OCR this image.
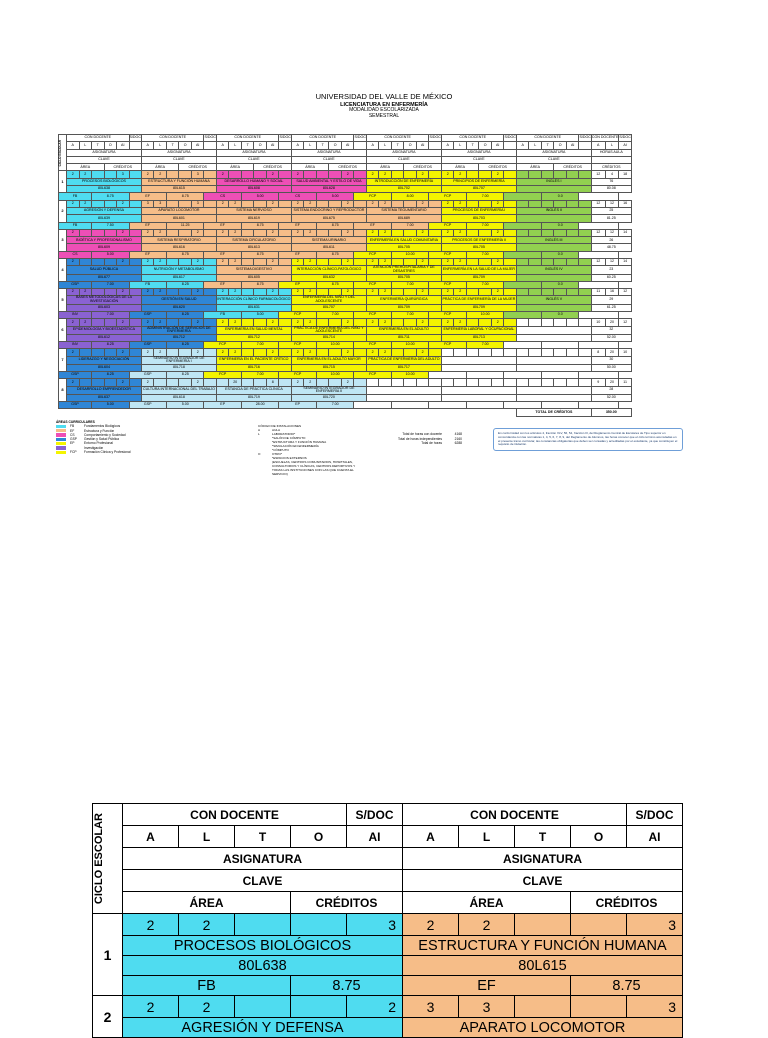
UNIVERSIDAD DEL VALLE DE MÉXICO
LICENCIATURA EN ENFERMERÍA
MODALIDAD ESCOLARIZADA
SEMESTRAL
CICLO ESCOLAR	CON DOCENTE					S/DOC	CON DOCENTE					S/DOC	CON DOCENTE					S/DOC	CON DOCENTE					S/DOC	CON DOCENTE					S/DOC	CON DOCENTE					S/DOC	CON DOCENTE					S/DOC	CON DOCENTE		S/DOC
	A	L	T	O	AI		A	L	T	O	AI		A	L	T	O	AI		A	L	T	O	AI		A	L	T	O	AI		A	L	T	O	AI		A	L	T	O	AI		A	L	AI
	ASIGNATURA						ASIGNATURA						ASIGNATURA						ASIGNATURA						ASIGNATURA						ASIGNATURA						ASIGNATURA						HORAS AULA		
	CLAVE						CLAVE						CLAVE						CLAVE						CLAVE						CLAVE						CLAVE								
	ÁREA			CRÉDITOS			ÁREA			CRÉDITOS			ÁREA			CRÉDITOS			ÁREA			CRÉDITOS			ÁREA			CRÉDITOS			ÁREA			CRÉDITOS			ÁREA			CRÉDITOS			CRÉDITOS		
1	2	2			3		2	2			3		2				2		2				2		2	2			2		2	2			2								12	4	18
	PROCESOS BIOLÓGICOS						ESTRUCTURA Y FUNCIÓN HUMANA						DESARROLLO HUMANO Y SOCIAL						SALUD AMBIENTAL Y ESTILO DE VIDA						INTRODUCCIÓN DE ENFERMERÍA						PRINCIPIOS DE ENFERMERÍA						INGLÉS I						76		

	80L638						80L615						80L608						80L628						80L702						80L707												80.08		
FB			8.75			EF			8.75			CS			5.00			CS			5.00			FCP			8.00			FCP			7.00						0.0						
2	2	2			2		3	3			3		2	2			2		2	2			2		2	2			2		2	2			2								12	12	16
	AGRESIÓN Y DEFENSA						APARATO LOCOMOTOR						SISTEMA NERVIOSO						SISTEMA ENDOCRINO Y REPRODUCTOR						SISTEMA TEGUMENTARIO						PROCESOS DE ENFERMERÍA I						INGLÉS II						25		

	80L639						80L601						80L619						80L675						80L689						80L703												81.25		
FB			7.50			EF			11.25			EF			8.75			EF			8.75			EF			7.00			FCP			7.00						0.0						
3	2				2		2	2			2		2	2			2		2	2			2		2	2			2		2	2			2								12	12	14
	BIOÉTICA Y PROFESIONALISMO						SISTEMA RESPIRATORIO						SISTEMA CIRCULATORIO						SISTEMA URINARIO						ENFERMERÍA EN SALUD COMUNITARIA						PROCESOS DE ENFERMERÍA II						INGLÉS III						26		

	80L609						80L616						80L613						80L611						80L705						80L705												48.75		
CS			5.00			EF			8.75			EF			8.75			EF			8.75			FCP			10.00			FCP			7.00						0.0						
4	2				2		2	2			2		2	2			2		2	2			2		2	2			2		2	2			2								12	12	14
	SALUD PÚBLICA						NUTRICIÓN Y METABOLISMO						SISTEMA DIGESTIVO						INTERACCIÓN CLÍNICO-PATOLÓGICO						ATENCIÓN PREHOSPITALARIA Y DE DESASTRES						ENFERMERÍA EN LA SALUD DE LA MUJER						INGLÉS IV						23		

	80L677						80L617						80L605						80L632						80L705						80L709												60.25		
GSP			7.00			FB			8.25			EF			8.75			EP			8.75			FCP			7.00			FCP			7.00						0.0						
5	2	2			2		2	2			2		2	2			2		2	2			2		2	2			2		2	2			2								11	16	12
	BASES METODOLÓGICAS DE LA INVESTIGACIÓN						GESTIÓN EN SALUD						INTERACCIÓN CLÍNICO FARMACOLÓGICO						ENFERMERÍA DEL NIÑO Y DEL ADOLESCENTE						ENFERMERÍA QUIRÚRGICA						PRÁCTICA DE ENFERMERÍA DE LA MUJER						INGLÉS V						29		

	80L603						80L620						80L631						80L707						80L709						80L709												61.25		
INV			7.00			GSP			8.25			FB			5.00			FCP			7.00			FCP			7.00			FCP			10.00						0.0						
6	2	2			2		2	2			2		2	2			2		2	2			2		2	2			2		2	2			2								10	20	12
	EPIDEMIOLOGÍA Y BIOESTADÍSTICA						ADMINISTRACIÓN DE SERVICIOS DE ENFERMERÍA						ENFERMERÍA EN SALUD MENTAL						PRÁCTICA DE ENFERMERÍA DEL NIÑO Y ADOLESCENTE						ENFERMERÍA EN EL ADULTO						ENFERMERÍA LABORAL Y OCUPACIONAL												32		

	80L612						80L712						80L712						80L714						80L711						80L713												52.00		
INV			8.25			GSP			8.25			FCP			7.00			FCP			10.00			FCP			10.00			FCP			7.00												
7	2				2		2	2			2		2	2			2		2	2			2		2	2			2														8	20	10
	LIDERAZGO Y NEGOCIACIÓN						SEMINARIO INTEGRADOR DE ENFERMERÍA I						ENFERMERÍA EN EL PACIENTE CRÍTICO						ENFERMERÍA EN EL ADULTO MAYOR						PRÁCTICA DE ENFERMERÍA DEL ADULTO																		30		

	80L604						80L718						80L716						80L715						80L717																		50.00		
GSP			8.25			GSP			8.25			FCP			7.00			FCP			10.00			FCP			10.00																		
8	2				2		2				2			20			8		2	2			2																				9	20	11
	DESARROLLO EMPRENDEDOR						CULTURA INTERNACIONAL DEL TRABAJO						ESTANCIA DE PRÁCTICA CLÍNICA						SEMINARIO INTEGRADOR DE ENFERMERÍA II																								28		

	80L637						80L618						80L719						80L720																								52.00		
GSP			5.00			GSP			5.00			EP			28.00			EP			7.00																								
																																					TOTAL DE CRÉDITOS						350.00		
ÁREAS CURRICULARES
FB	Fundamentos Biológicos
EF	Estructura y Función
CS	Comportamiento y Sociedad
GSP	Gestión y Salud Pública
EP	Entorno Profesional
Investigación
FCP	Formación Clínica y Profesional
CÓDIGO DE INSTALACIONES
A	AULA
L	LABORATORIO*
*SALÓN DE CÓMPUTO
*ESTRUCTURA Y FUNCIÓN HUMANA
*SIMULACIÓN EN ENFERMERÍA
*CÓMPUTO
O	OTRO*
*ESPACIOS EXTERNOS
(ESCUELAS, CENTROS COMUNITARIOS, HOSPITALES,
CONSULTORIOS Y CLÍNICAS, CENTROS DEPORTIVOS Y
TODAS LAS INSTITUCIONES CON LAS QUE CUENTA EL
SERVICIO)
Total de horas con docente	4168
Total de horas independientes	2160
Total de horas	6288
En conformidad con los artículos 4, fracción XLV, 56, 54, fracción III, del Reglamento Central de Escolares de Tipo superior en concordancia con las normativas 1, 4, 5, 6, 7, 8, 9, del Reglamento de Alumnos, las horas conocer que el ciclo término acumuladas en el presente tramo curricular, las constancias obligatorias que deben ser cursadas y acreditadas por el estudiante, ya que constituyen el requisito de titulación.
CICLO ESCOLAR	CON DOCENTE				S/DOC	CON DOCENTE				S/DOC
	A	L	T	O	AI	A	L	T	O	AI
	ASIGNATURA					ASIGNATURA				
	CLAVE					CLAVE				
	ÁREA			CRÉDITOS		ÁREA			CRÉDITOS	
1	2	2			3	2	2			3
	PROCESOS BIOLÓGICOS					ESTRUCTURA Y FUNCIÓN HUMANA				
	80L638					80L615				
	FB			8.75		EF			8.75	
2	2	2			2	3	3			3
	AGRESIÓN Y DEFENSA					APARATO LOCOMOTOR				
